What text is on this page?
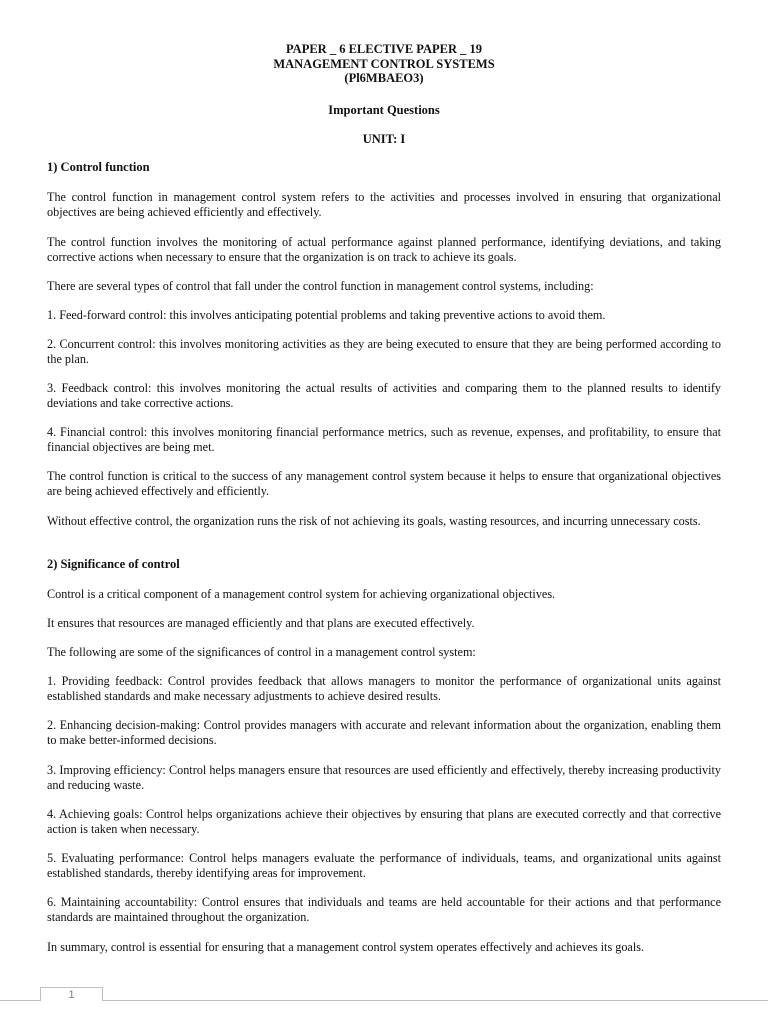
PAPER _ 6 ELECTIVE PAPER _ 19
MANAGEMENT CONTROL SYSTEMS
(Pl6MBAEO3)
Important Questions
UNIT: I
1) Control function

The control function in management control system refers to the activities and processes involved in ensuring that organizational objectives are being achieved efficiently and effectively.

The control function involves the monitoring of actual performance against planned performance, identifying deviations, and taking corrective actions when necessary to ensure that the organization is on track to achieve its goals.

There are several types of control that fall under the control function in management control systems, including:

1. Feed-forward control: this involves anticipating potential problems and taking preventive actions to avoid them.

2. Concurrent control: this involves monitoring activities as they are being executed to ensure that they are being performed according to the plan.

3. Feedback control: this involves monitoring the actual results of activities and comparing them to the planned results to identify deviations and take corrective actions.

4. Financial control: this involves monitoring financial performance metrics, such as revenue, expenses, and profitability, to ensure that financial objectives are being met.

The control function is critical to the success of any management control system because it helps to ensure that organizational objectives are being achieved effectively and efficiently.

Without effective control, the organization runs the risk of not achieving its goals, wasting resources, and incurring unnecessary costs.

2) Significance of control

Control is a critical component of a management control system for achieving organizational objectives.

It ensures that resources are managed efficiently and that plans are executed effectively.

The following are some of the significances of control in a management control system:

1. Providing feedback: Control provides feedback that allows managers to monitor the performance of organizational units against established standards and make necessary adjustments to achieve desired results.

2. Enhancing decision-making: Control provides managers with accurate and relevant information about the organization, enabling them to make better-informed decisions.

3. Improving efficiency: Control helps managers ensure that resources are used efficiently and effectively, thereby increasing productivity and reducing waste.

4. Achieving goals: Control helps organizations achieve their objectives by ensuring that plans are executed correctly and that corrective action is taken when necessary.

5. Evaluating performance: Control helps managers evaluate the performance of individuals, teams, and organizational units against established standards, thereby identifying areas for improvement.

6. Maintaining accountability: Control ensures that individuals and teams are held accountable for their actions and that performance standards are maintained throughout the organization.

In summary, control is essential for ensuring that a management control system operates effectively and achieves its goals.

1
